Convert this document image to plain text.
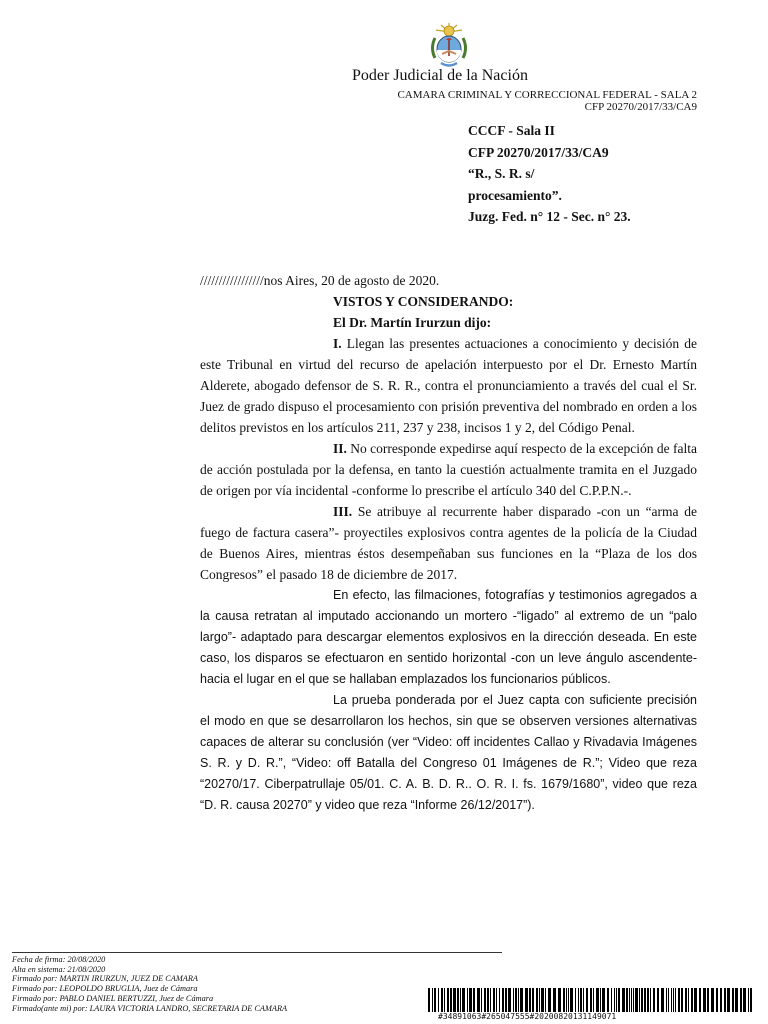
Poder Judicial de la Nación
CAMARA CRIMINAL Y CORRECCIONAL FEDERAL - SALA 2
CFP 20270/2017/33/CA9
CCCF - Sala II
CFP 20270/2017/33/CA9
“R., S. R. s/
procesamiento”.
Juzg. Fed. n° 12 - Sec. n° 23.

/////////////////nos Aires, 20 de agosto de 2020.

VISTOS Y CONSIDERANDO:

El Dr. Martín Irurzun dijo:

I. Llegan las presentes actuaciones a conocimiento y decisión de este Tribunal en virtud del recurso de apelación interpuesto por el Dr. Ernesto Martín Alderete, abogado defensor de S. R. R., contra el pronunciamiento a través del cual el Sr. Juez de grado dispuso el procesamiento con prisión preventiva del nombrado en orden a los delitos previstos en los artículos 211, 237 y 238, incisos 1 y 2, del Código Penal.

II. No corresponde expedirse aquí respecto de la excepción de falta de acción postulada por la defensa, en tanto la cuestión actualmente tramita en el Juzgado de origen por vía incidental -conforme lo prescribe el artículo 340 del C.P.P.N.-.

III. Se atribuye al recurrente haber disparado -con un “arma de fuego de factura casera”- proyectiles explosivos contra agentes de la policía de la Ciudad de Buenos Aires, mientras éstos desempeñaban sus funciones en la “Plaza de los dos Congresos” el pasado 18 de diciembre de 2017.

En efecto, las filmaciones, fotografías y testimonios agregados a la causa retratan al imputado accionando un mortero -“ligado” al extremo de un “palo largo”- adaptado para descargar elementos explosivos en la dirección deseada. En este caso, los disparos se efectuaron en sentido horizontal -con un leve ángulo ascendente- hacia el lugar en el que se hallaban emplazados los funcionarios públicos.

La prueba ponderada por el Juez capta con suficiente precisión el modo en que se desarrollaron los hechos, sin que se observen versiones alternativas capaces de alterar su conclusión (ver “Video: off incidentes Callao y Rivadavia Imágenes S. R. y D. R.”, “Video: off Batalla del Congreso 01 Imágenes de R.”; Video que reza “20270/17. Ciberpatrullaje 05/01. C. A. B. D. R.. O. R. I. fs. 1679/1680”, video que reza “D. R. causa 20270” y video que reza “Informe 26/12/2017”).

Fecha de firma: 20/08/2020
Alta en sistema: 21/08/2020
Firmado por: MARTIN IRURZUN, JUEZ DE CAMARA
Firmado por: LEOPOLDO BRUGLIA, Juez de Cámara
Firmado por: PABLO DANIEL BERTUZZI, Juez de Cámara
Firmado(ante mi) por: LAURA VICTORIA LANDRO, SECRETARIA DE CAMARA
#34891063#265047555#20200820131149071
